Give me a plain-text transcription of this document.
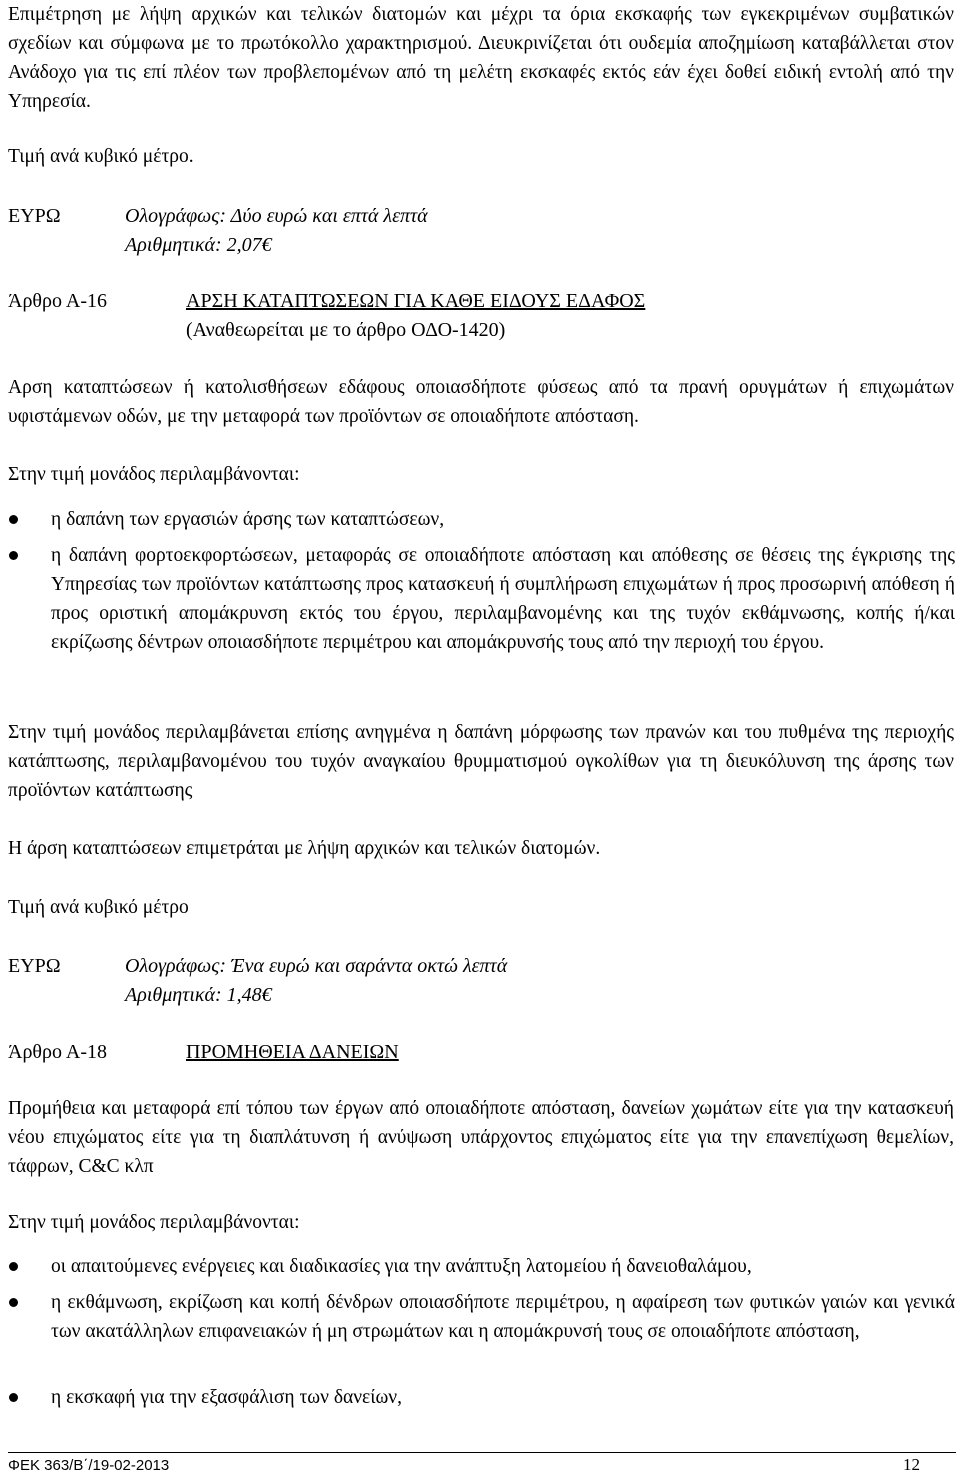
Επιμέτρηση με λήψη αρχικών και τελικών διατομών και μέχρι τα όρια εκσκαφής των εγκεκριμένων συμβατικών σχεδίων και σύμφωνα με το πρωτόκολλο χαρακτηρισμού. Διευκρινίζεται ότι ουδεμία αποζημίωση καταβάλλεται στον Ανάδοχο για τις επί πλέον των προβλεπομένων από τη μελέτη εκσκαφές εκτός εάν έχει δοθεί ειδική εντολή από την Υπηρεσία.

Τιμή ανά κυβικό μέτρο.

ΕΥΡΩ	Ολογράφως: Δύο ευρώ και επτά λεπτά
Αριθμητικά: 2,07€
Άρθρο Α-16	ΑΡΣΗ ΚΑΤΑΠΤΩΣΕΩΝ ΓΙΑ ΚΑΘΕ ΕΙΔΟΥΣ ΕΔΑΦΟΣ
(Αναθεωρείται με το άρθρο ΟΔΟ-1420)

Αρση καταπτώσεων ή κατολισθήσεων εδάφους οποιασδήποτε φύσεως από τα πρανή ορυγμάτων ή επιχωμάτων υφιστάμενων οδών, με την μεταφορά των προϊόντων σε οποιαδήποτε απόσταση.

Στην τιμή μονάδος περιλαμβάνονται:

η δαπάνη των εργασιών άρσης των καταπτώσεων,
η δαπάνη φορτοεκφορτώσεων, μεταφοράς σε οποιαδήποτε απόσταση και απόθεσης σε θέσεις της έγκρισης της Υπηρεσίας των προϊόντων κατάπτωσης προς κατασκευή ή συμπλήρωση επιχωμάτων ή προς προσωρινή απόθεση ή προς οριστική απομάκρυνση εκτός του έργου, περιλαμβανομένης και της τυχόν εκθάμνωσης, κοπής ή/και εκρίζωσης δέντρων οποιασδήποτε περιμέτρου και απομάκρυνσής τους από την περιοχή του έργου.

Στην τιμή μονάδος περιλαμβάνεται επίσης ανηγμένα η δαπάνη μόρφωσης των πρανών και του πυθμένα της περιοχής κατάπτωσης, περιλαμβανομένου του τυχόν αναγκαίου θρυμματισμού ογκολίθων για τη διευκόλυνση της άρσης των προϊόντων κατάπτωσης

Η άρση καταπτώσεων επιμετράται με λήψη αρχικών και τελικών διατομών.

Τιμή ανά κυβικό μέτρο

ΕΥΡΩ	Ολογράφως: Ένα ευρώ και σαράντα οκτώ λεπτά
Αριθμητικά: 1,48€
Άρθρο Α-18	ΠΡΟΜΗΘΕΙΑ ΔΑΝΕΙΩΝ

Προμήθεια και μεταφορά επί τόπου των έργων από οποιαδήποτε απόσταση, δανείων χωμάτων είτε για την κατασκευή νέου επιχώματος είτε για τη διαπλάτυνση ή ανύψωση υπάρχοντος επιχώματος είτε για την επανεπίχωση θεμελίων, τάφρων, C&C κλπ

Στην τιμή μονάδος περιλαμβάνονται:

οι απαιτούμενες ενέργειες και διαδικασίες για την ανάπτυξη λατομείου ή δανειοθαλάμου,
η εκθάμνωση, εκρίζωση και κοπή δένδρων οποιασδήποτε περιμέτρου, η αφαίρεση των φυτικών γαιών και γενικά των ακατάλληλων επιφανειακών ή μη στρωμάτων και η απομάκρυνσή τους σε οποιαδήποτε απόσταση,
η εκσκαφή για την εξασφάλιση των δανείων,
ΦΕΚ 363/Β΄/19-02-2013	12
